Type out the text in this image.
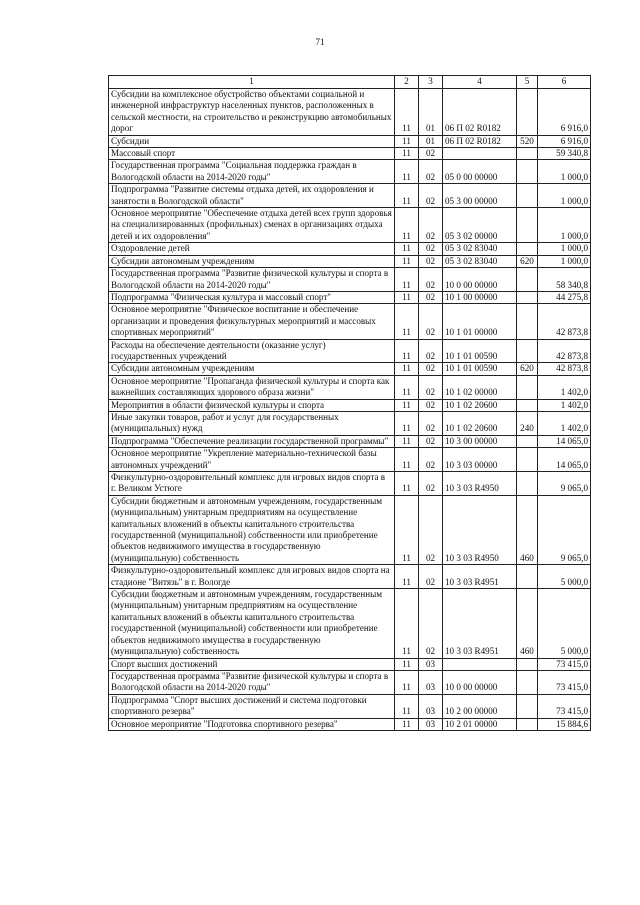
71
1	2	3	4	5	6
Субсидии на комплексное обустройство объектами социальной и инженерной инфраструктур населенных пунктов, расположенных в сельской местности, на строительство и реконструкцию автомобильных дорог	11	01	06 П 02 R0182		6 916,0
Субсидии	11	01	06 П 02 R0182	520	6 916,0
Массовый спорт	11	02			59 340,8
Государственная программа "Социальная поддержка граждан в Вологодской области на 2014-2020 годы"	11	02	05 0 00 00000		1 000,0
Подпрограмма "Развитие системы отдыха детей, их оздоровления и занятости в Вологодской области"	11	02	05 3 00 00000		1 000,0
Основное мероприятие "Обеспечение отдыха детей всех групп здоровья на специализированных (профильных) сменах в организациях отдыха детей и их оздоровления"	11	02	05 3 02 00000		1 000,0
Оздоровление детей	11	02	05 3 02 83040		1 000,0
Субсидии автономным учреждениям	11	02	05 3 02 83040	620	1 000,0
Государственная программа "Развитие физической культуры и спорта в Вологодской области на 2014-2020 годы"	11	02	10 0 00 00000		58 340,8
Подпрограмма "Физическая культура и массовый спорт"	11	02	10 1 00 00000		44 275,8
Основное мероприятие "Физическое воспитание и обеспечение организации и проведения физкультурных мероприятий и массовых спортивных мероприятий"	11	02	10 1 01 00000		42 873,8
Расходы на обеспечение деятельности (оказание услуг) государственных учреждений	11	02	10 1 01 00590		42 873,8
Субсидии автономным учреждениям	11	02	10 1 01 00590	620	42 873,8
Основное мероприятие "Пропаганда физической культуры и спорта как важнейших составляющих здорового образа жизни"	11	02	10 1 02 00000		1 402,0
Мероприятия в области физической культуры и спорта	11	02	10 1 02 20600		1 402,0
Иные закупки товаров, работ и услуг для государственных (муниципальных) нужд	11	02	10 1 02 20600	240	1 402,0
Подпрограмма "Обеспечение реализации государственной программы"	11	02	10 3 00 00000		14 065,0
Основное мероприятие "Укрепление материально-технической базы автономных учреждений"	11	02	10 3 03 00000		14 065,0
Физкультурно-оздоровительный комплекс для игровых видов спорта в г. Великом Устюге	11	02	10 3 03 R4950		9 065,0
Субсидии бюджетным и автономным учреждениям, государственным (муниципальным) унитарным предприятиям на осуществление капитальных вложений в объекты капитального строительства государственной (муниципальной) собственности или приобретение объектов недвижимого имущества в государственную (муниципальную) собственность	11	02	10 3 03 R4950	460	9 065,0
Физкультурно-оздоровительный комплекс для игровых видов спорта на стадионе "Витязь" в г. Вологде	11	02	10 3 03 R4951		5 000,0
Субсидии бюджетным и автономным учреждениям, государственным (муниципальным) унитарным предприятиям на осуществление капитальных вложений в объекты капитального строительства государственной (муниципальной) собственности или приобретение объектов недвижимого имущества в государственную (муниципальную) собственность	11	02	10 3 03 R4951	460	5 000,0
Спорт высших достижений	11	03			73 415,0
Государственная программа "Развитие физической культуры и спорта в Вологодской области на 2014-2020 годы"	11	03	10 0 00 00000		73 415,0
Подпрограмма "Спорт высших достижений и система подготовки спортивного резерва"	11	03	10 2 00 00000		73 415,0
Основное мероприятие "Подготовка спортивного резерва"	11	03	10 2 01 00000		15 884,6
